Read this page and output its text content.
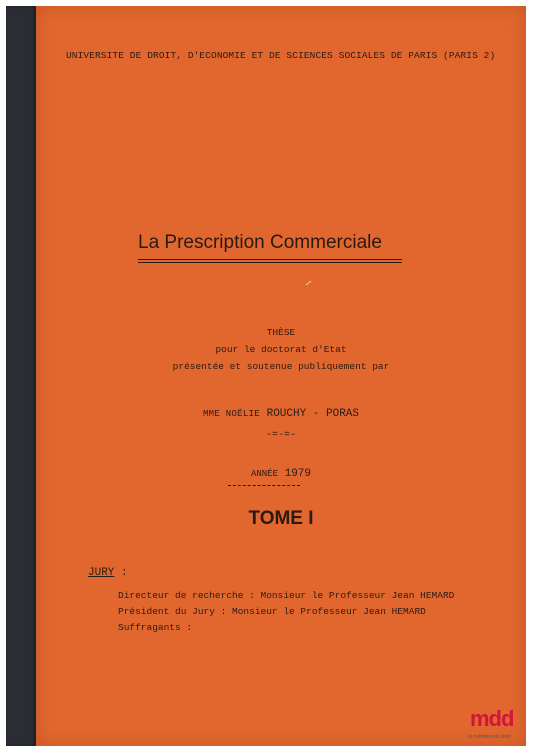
UNIVERSITE DE DROIT, D'ECONOMIE ET DE SCIENCES SOCIALES DE PARIS (PARIS 2)
La Prescription Commerciale
THÈSE
pour le doctorat d'Etat
présentée et soutenue publiquement par
MME NOËLIE ROUCHY - PORAS
-=-=-
ANNÉE 1979
TOME I
JURY :
Directeur de recherche : Monsieur le Professeur Jean HEMARD
Président du Jury : Monsieur le Professeur Jean HEMARD
Suffragants :
mdd
la mémoire du droit
